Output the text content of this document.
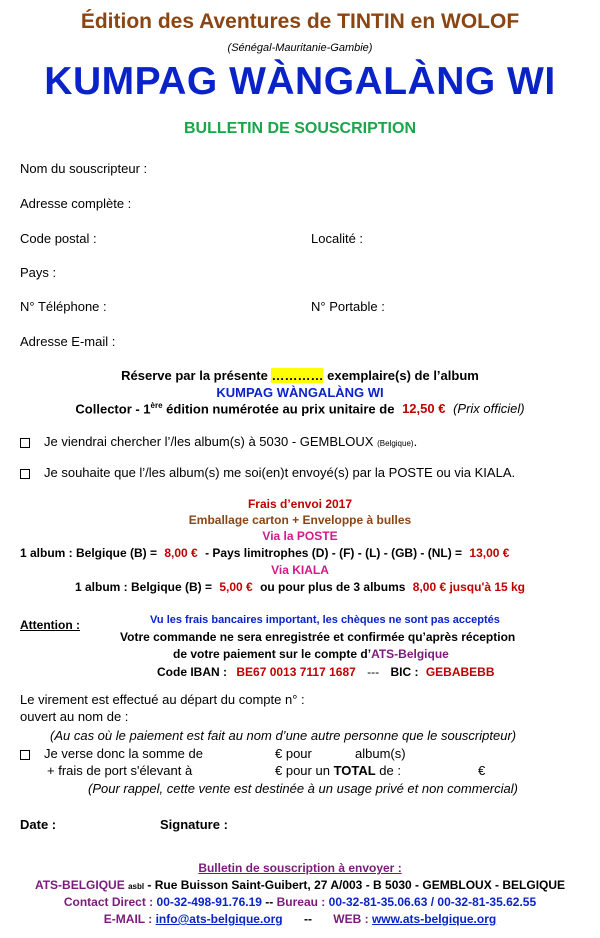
Édition des Aventures de TINTIN en WOLOF
(Sénégal-Mauritanie-Gambie)
KUMPAG WÀNGALÀNG WI
BULLETIN DE SOUSCRIPTION
Nom du souscripteur :
Adresse complète :
Code postal :	Localité :
Pays :
N° Téléphone :	N° Portable :
Adresse E-mail :
Réserve par la présente ………… exemplaire(s) de l’album
KUMPAG WÀNGALÀNG WI
Collector - 1ère édition numérotée au prix unitaire de 12,50 € (Prix officiel)
Je viendrai chercher l’/les album(s) à 5030 - GEMBLOUX (Belgique).
Je souhaite que l’/les album(s) me soi(en)t envoyé(s) par la POSTE ou via KIALA.
Frais d’envoi 2017
Emballage carton + Enveloppe à bulles
Via la POSTE
1 album : Belgique (B) = 8,00 € - Pays limitrophes (D) - (F) - (L) - (GB) - (NL) = 13,00 €
Via KIALA
1 album : Belgique (B) = 5,00 € ou pour plus de 3 albums 8,00 € jusqu'à 15 kg
Attention :	Vu les frais bancaires important, les chèques ne sont pas acceptés
Votre commande ne sera enregistrée et confirmée qu’après réception
de votre paiement sur le compte d’ATS-Belgique
Code IBAN : BE67 0013 7117 1687 --- BIC : GEBABEBB
Le virement est effectué au départ du compte n° :
ouvert au nom de :
(Au cas où le paiement est fait au nom d’une autre personne que le souscripteur)
Je verse donc la somme de	€ pour	album(s)
+ frais de port s'élevant à	€ pour un TOTAL de :	€
(Pour rappel, cette vente est destinée à un usage privé et non commercial)
Date :	Signature :
Bulletin de souscription à envoyer :
ATS-BELGIQUE asbl - Rue Buisson Saint-Guibert, 27 A/003 - B 5030 - GEMBLOUX - BELGIQUE
Contact Direct : 00-32-498-91.76.19 -- Bureau : 00-32-81-35.06.63 / 00-32-81-35.62.55
E-MAIL : info@ats-belgique.org -- WEB : www.ats-belgique.org
